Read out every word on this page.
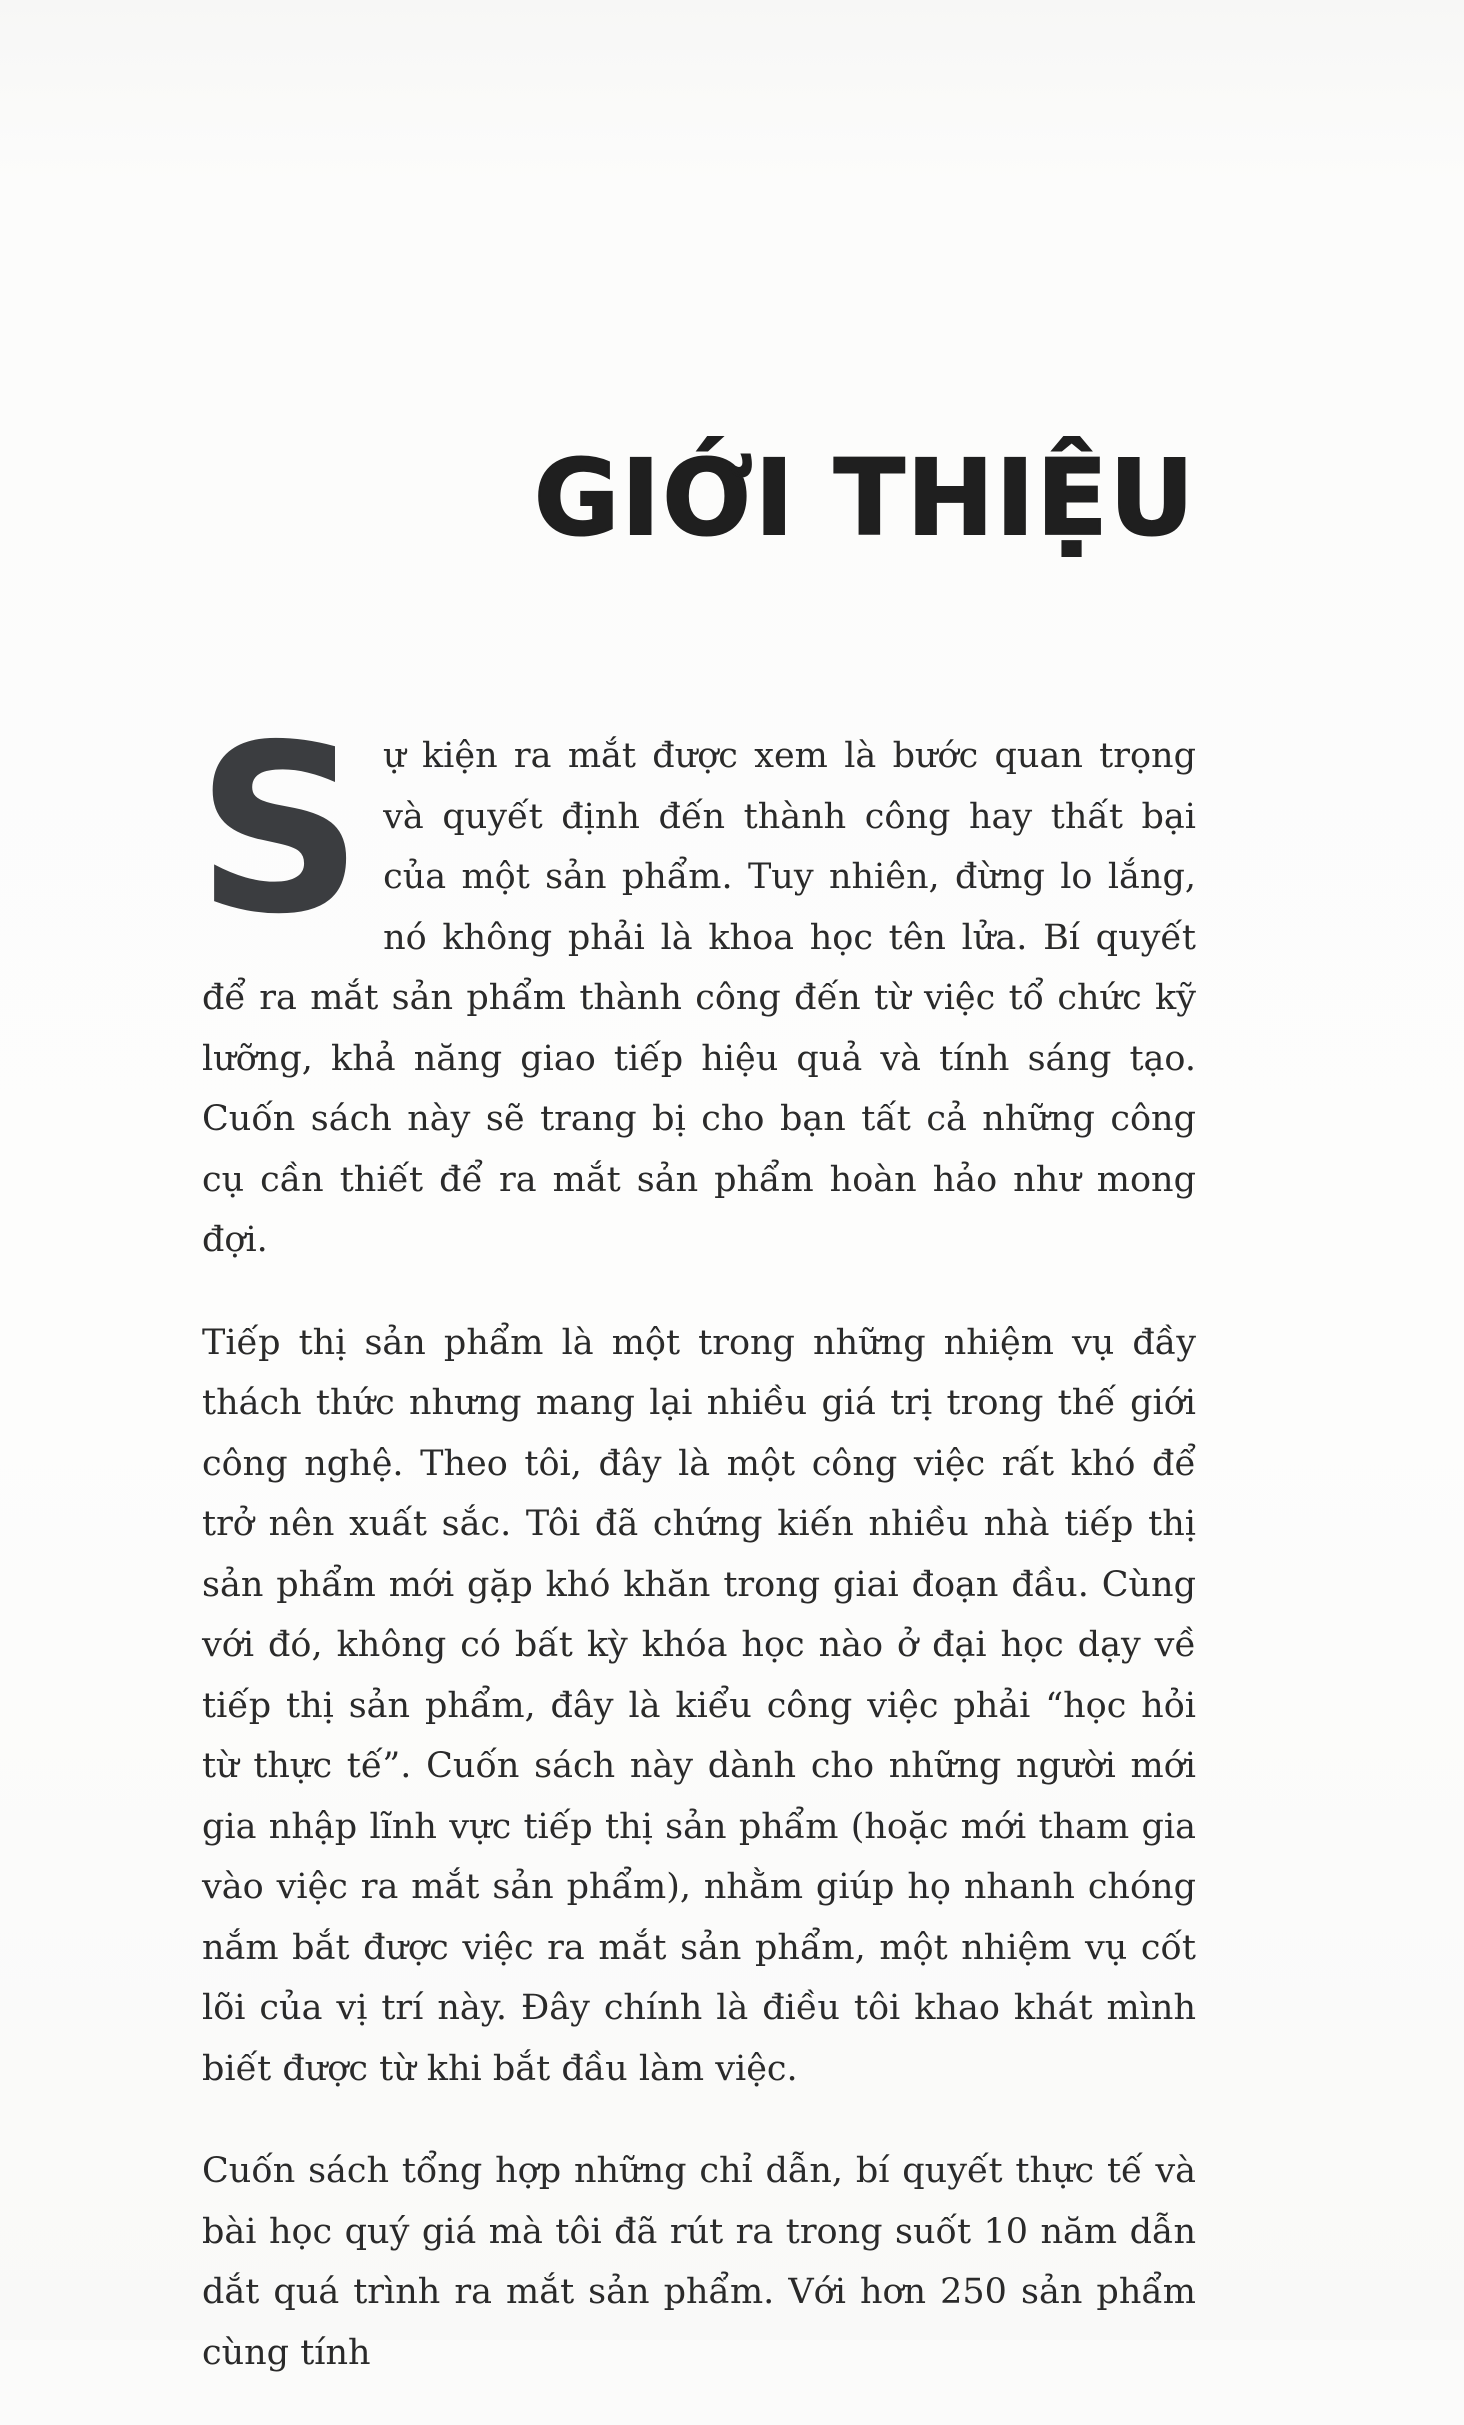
GIỚI THIỆU

Sự kiện ra mắt được xem là bước quan trọng và quyết định đến thành công hay thất bại của một sản phẩm. Tuy nhiên, đừng lo lắng, nó không phải là khoa học tên lửa. Bí quyết để ra mắt sản phẩm thành công đến từ việc tổ chức kỹ lưỡng, khả năng giao tiếp hiệu quả và tính sáng tạo. Cuốn sách này sẽ trang bị cho bạn tất cả những công cụ cần thiết để ra mắt sản phẩm hoàn hảo như mong đợi.

Tiếp thị sản phẩm là một trong những nhiệm vụ đầy thách thức nhưng mang lại nhiều giá trị trong thế giới công nghệ. Theo tôi, đây là một công việc rất khó để trở nên xuất sắc. Tôi đã chứng kiến nhiều nhà tiếp thị sản phẩm mới gặp khó khăn trong giai đoạn đầu. Cùng với đó, không có bất kỳ khóa học nào ở đại học dạy về tiếp thị sản phẩm, đây là kiểu công việc phải “học hỏi từ thực tế”. Cuốn sách này dành cho những người mới gia nhập lĩnh vực tiếp thị sản phẩm (hoặc mới tham gia vào việc ra mắt sản phẩm), nhằm giúp họ nhanh chóng nắm bắt được việc ra mắt sản phẩm, một nhiệm vụ cốt lõi của vị trí này. Đây chính là điều tôi khao khát mình biết được từ khi bắt đầu làm việc.

Cuốn sách tổng hợp những chỉ dẫn, bí quyết thực tế và bài học quý giá mà tôi đã rút ra trong suốt 10 năm dẫn dắt quá trình ra mắt sản phẩm. Với hơn 250 sản phẩm cùng tính
